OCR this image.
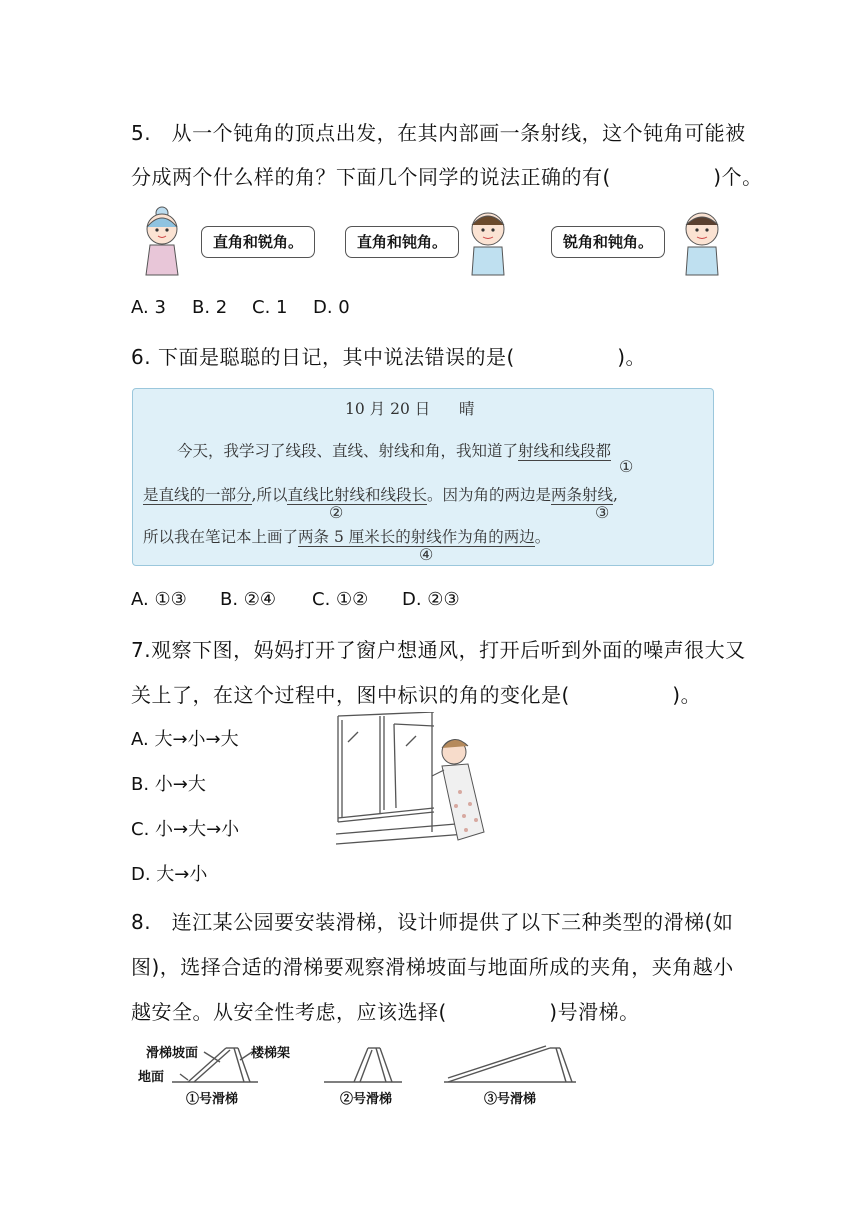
5.　从一个钝角的顶点出发，在其内部画一条射线，这个钝角可能被
分成两个什么样的角？下面几个同学的说法正确的有(　　　　　)个。
直角和锐角。	直角和钝角。	锐角和钝角。
A. 3 B. 2 C. 1 D. 0
6. 下面是聪聪的日记，其中说法错误的是(　　　　　)。
10 月 20 日 晴
今天，我学习了线段、直线、射线和角，我知道了射线和线段都
①
是直线的一部分,所以直线比射线和线段长。因为角的两边是两条射线,
②	③
所以我在笔记本上画了两条 5 厘米长的射线作为角的两边。
④
A. ①③ B. ②④ C. ①② D. ②③
7.观察下图，妈妈打开了窗户想通风，打开后听到外面的噪声很大又
关上了，在这个过程中，图中标识的角的变化是(　　　　　)。
A. 大→小→大
B. 小→大
C. 小→大→小
D. 大→小
8.　连江某公园要安装滑梯，设计师提供了以下三种类型的滑梯(如
图)，选择合适的滑梯要观察滑梯坡面与地面所成的夹角，夹角越小
越安全。从安全性考虑，应该选择(　　　　　)号滑梯。
滑梯坡面	楼梯架
地面
①号滑梯	②号滑梯	③号滑梯
